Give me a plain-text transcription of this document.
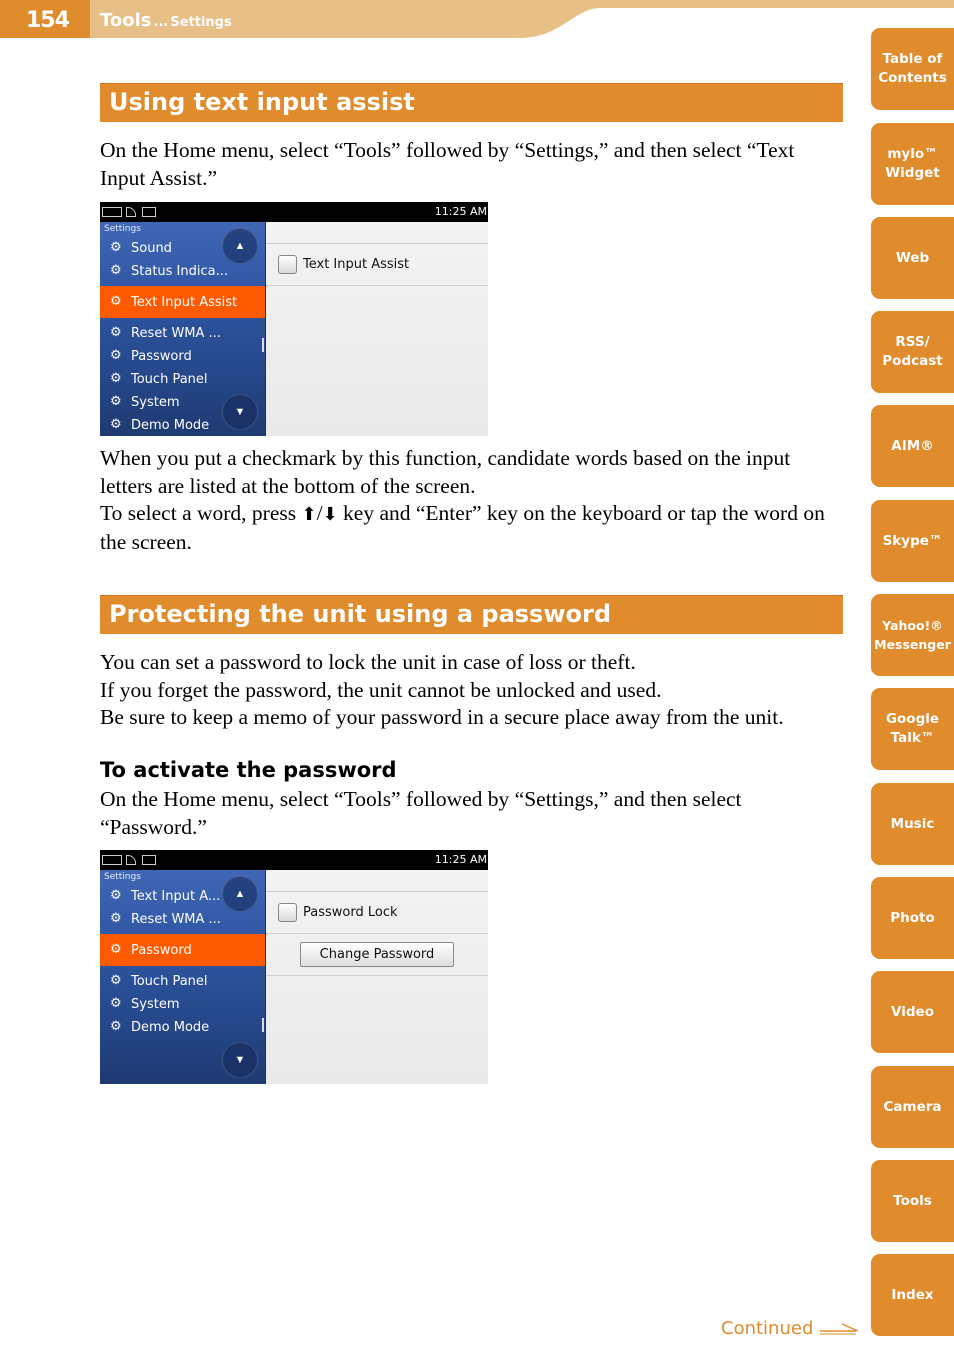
154 Tools ... Settings
Using text input assist
On the Home menu, select “Tools” followed by “Settings,” and then select “Text Input Assist.”
11:25 AM
Settings
⚙ Sound
⚙ Status Indica...
⚙ Text Input Assist
⚙ Reset WMA ...
⚙ Password
⚙ Touch Panel
⚙ System
⚙ Demo Mode
▲
▼
Text Input Assist
When you put a checkmark by this function, candidate words based on the input letters are listed at the bottom of the screen.
To select a word, press ⬆/⬇ key and “Enter” key on the keyboard or tap the word on the screen.
Protecting the unit using a password
You can set a password to lock the unit in case of loss or theft.
If you forget the password, the unit cannot be unlocked and used.
Be sure to keep a memo of your password in a secure place away from the unit.
To activate the password
On the Home menu, select “Tools” followed by “Settings,” and then select “Password.”
11:25 AM
Settings
⚙ Text Input A...
⚙ Reset WMA ...
⚙ Password
⚙ Touch Panel
⚙ System
⚙ Demo Mode
▲
▼
Password Lock
Change Password
Table of
Contents
mylo™
Widget
Web
RSS/
Podcast
AIM®
Skype™
Yahoo!®
Messenger
Google
Talk™
Music
Photo
Video
Camera
Tools
Index
Continued
